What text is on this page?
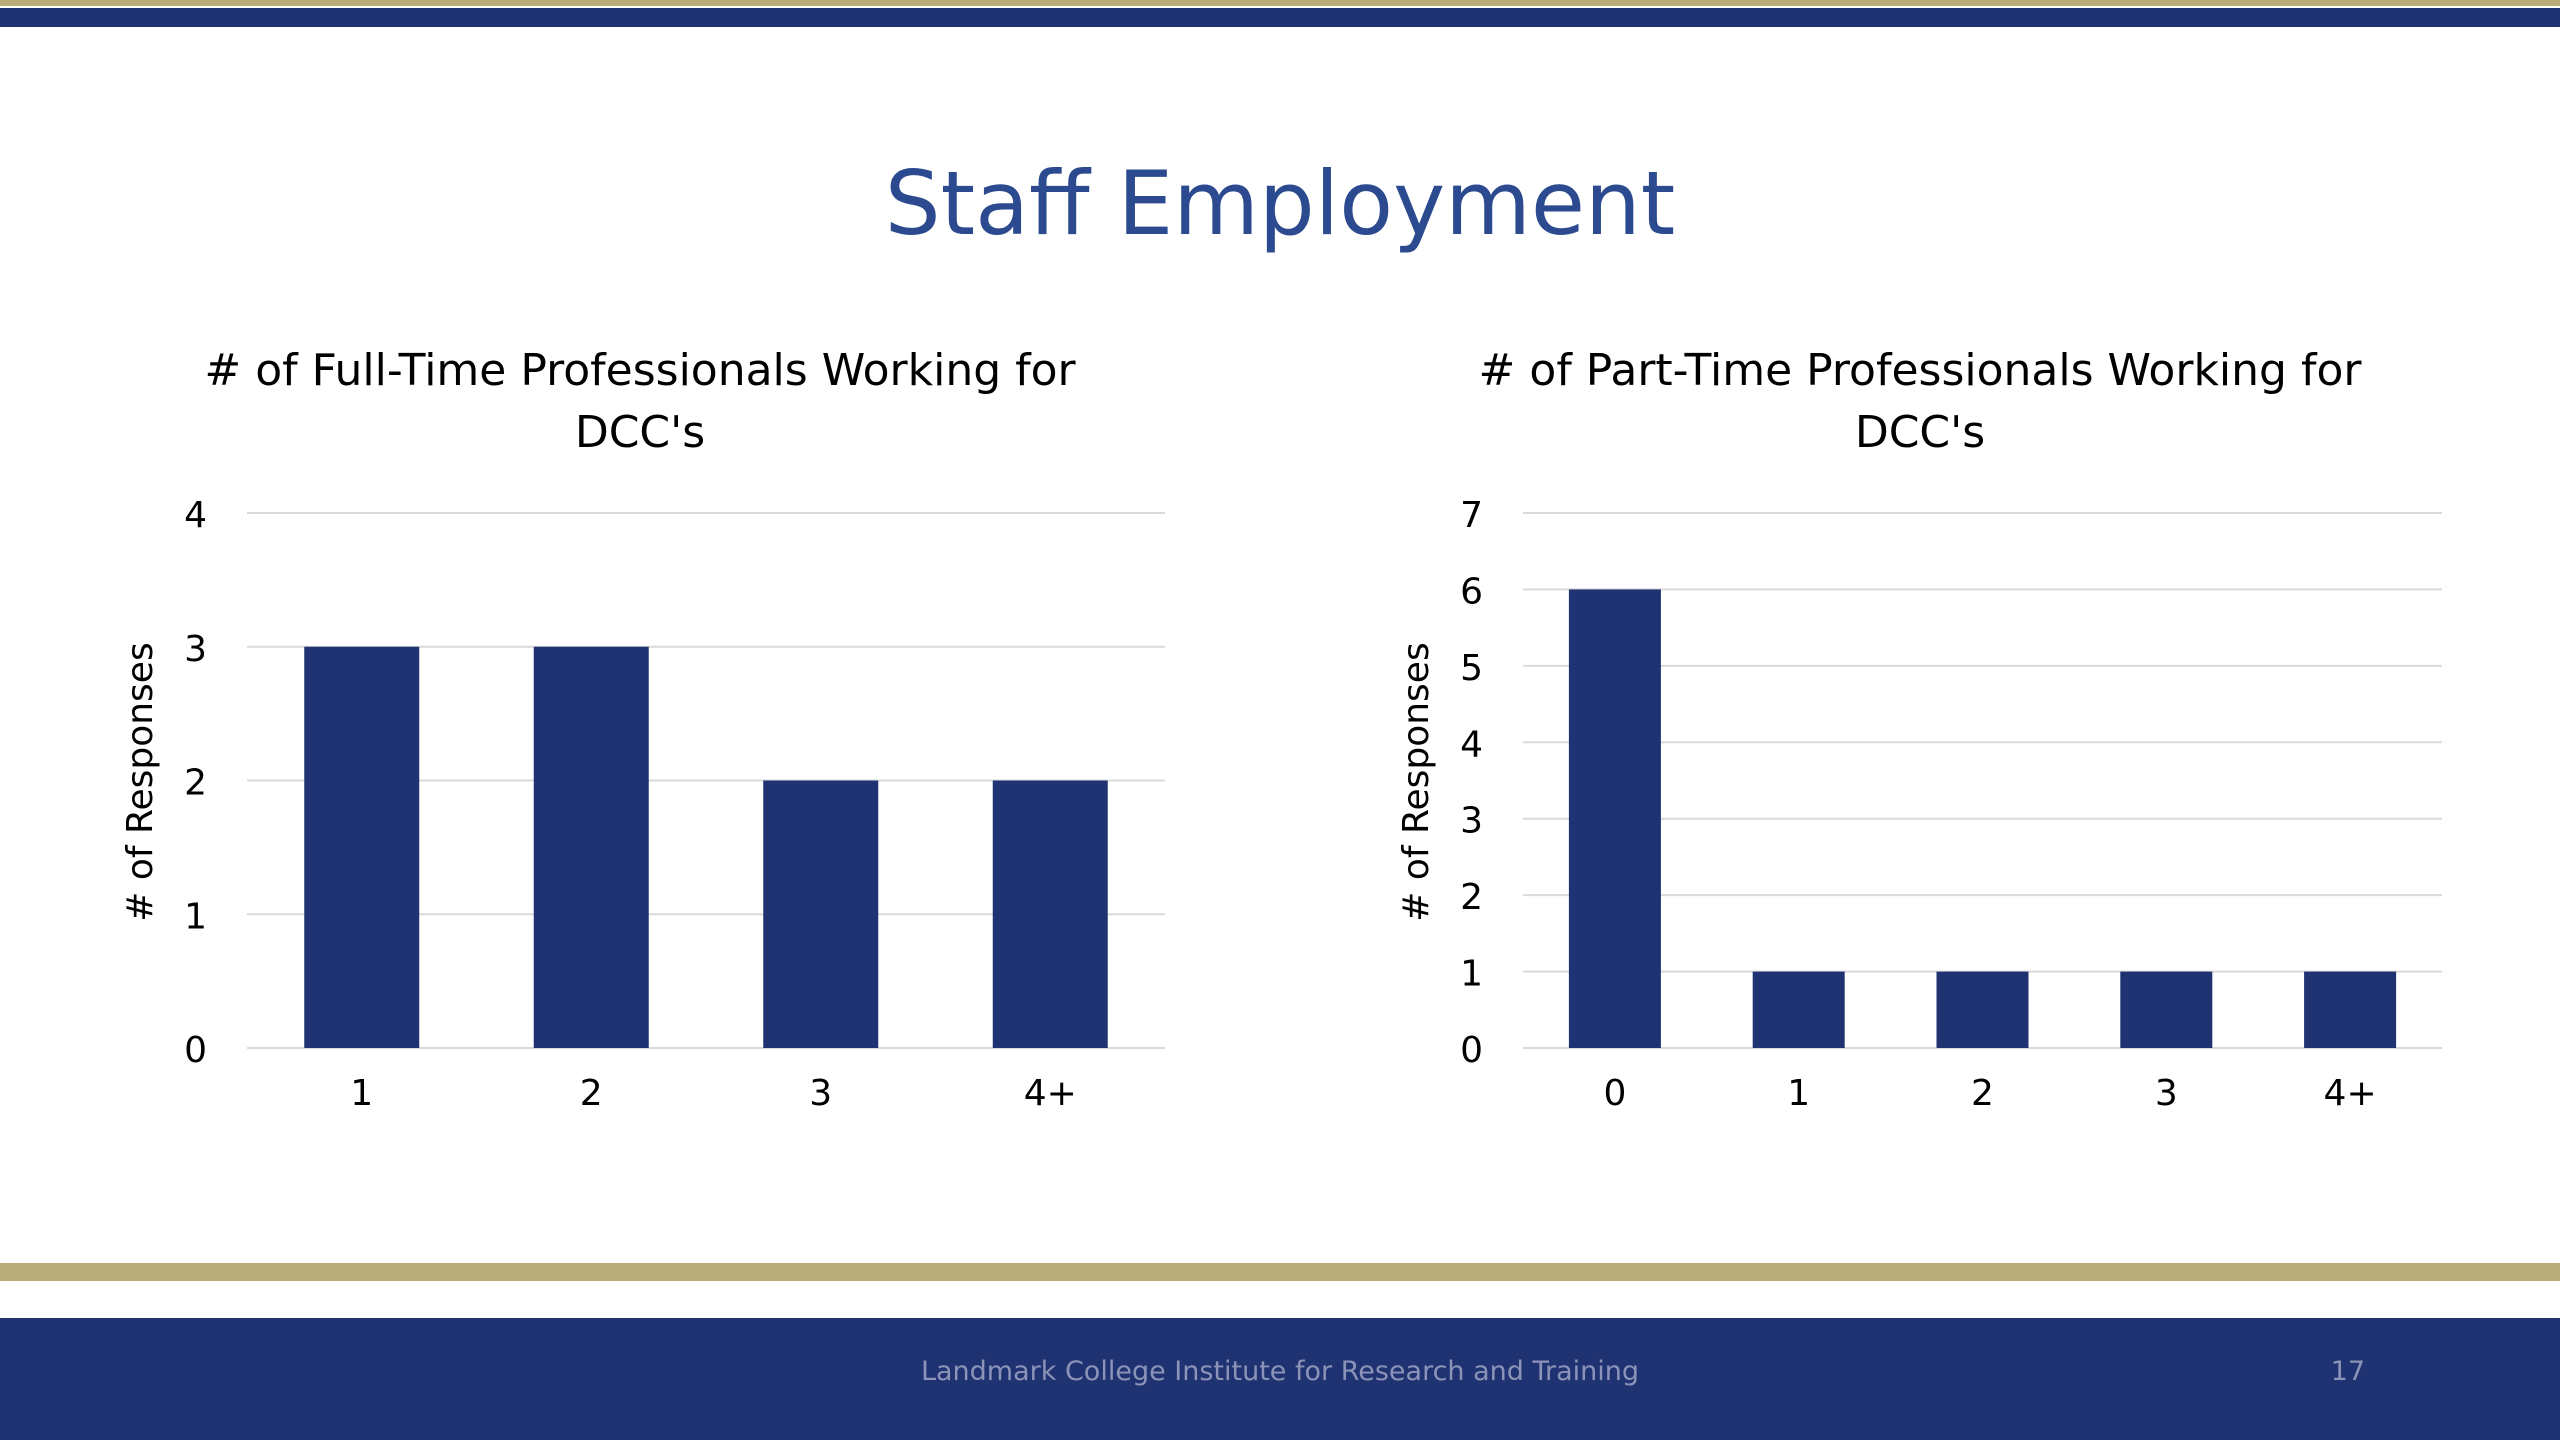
Staff Employment
# of Full-Time Professionals Working for
DCC's
# of Part-Time Professionals Working for
DCC's
0
1
2
3
4
1	2	3	4+
# of Responses
0
1
2
3
4
5
6
7
0	1	2	3	4+
# of Responses
Landmark College Institute for Research and Training	17
